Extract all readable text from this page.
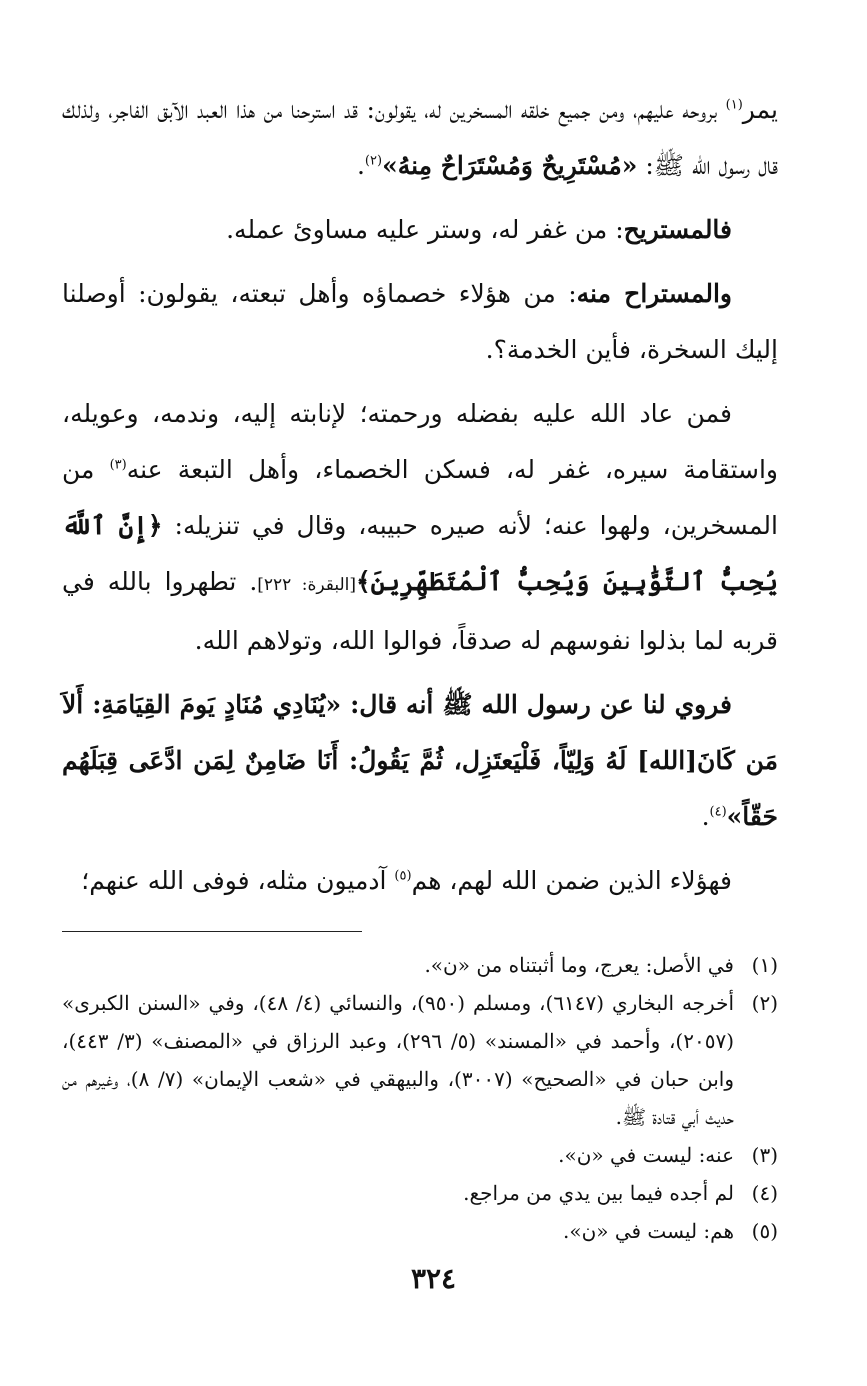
يمر$^{(١)}$ بروحه عليهم، ومن جميع خلقه المسخرين له، يقولون: قد استرحنا من هذا العبد الآبق الفاجر، ولذلك قال رسول الله ﷺ: «مُسْتَرِيحٌ وَمُسْتَرَاحٌ مِنهُ»$^{(٢)}$.

فالمستريح: من غفر له، وستر عليه مساوئ عمله.

والمستراح منه: من هؤلاء خصماؤه وأهل تبعته، يقولون: أوصلنا إليك السخرة، فأين الخدمة؟.

فمن عاد الله عليه بفضله ورحمته؛ لإنابته إليه، وندمه، وعويله، واستقامة سيره، غفر له، فسكن الخصماء، وأهل التبعة عنه$^{(٣)}$ من المسخرين، ولهوا عنه؛ لأنه صيره حبيبه، وقال في تنزيله: ﴿إِنَّ ٱللَّهَ يُحِبُّ ٱلتَّوَّٰبِينَ وَيُحِبُّ ٱلْمُتَطَهِّرِينَ﴾[البقرة: ٢٢٢]. تطهروا بالله في قربه لما بذلوا نفوسهم له صدقاً، فوالوا الله، وتولاهم الله.

فروي لنا عن رسول الله ﷺ أنه قال: «يُنَادِي مُنَادٍ يَومَ القِيَامَةِ: أَلاَ مَن كَانَ[الله] لَهُ وَلِيّاً، فَلْيَعتَزِل، ثُمَّ يَقُولُ: أَنَا ضَامِنٌ لِمَن ادَّعَى قِبَلَهُم حَقّاً»$^{(٤)}$.

فهؤلاء الذين ضمن الله لهم، هم$^{(٥)}$ آدميون مثله، فوفى الله عنهم؛

(١)
في الأصل: يعرج، وما أثبتناه من «ن».
(٢)
أخرجه البخاري (٦١٤٧)، ومسلم (٩٥٠)، والنسائي (٤/ ٤٨)، وفي «السنن الكبرى» (٢٠٥٧)، وأحمد في «المسند» (٥/ ٢٩٦)، وعبد الرزاق في «المصنف» (٣/ ٤٤٣)، وابن حبان في «الصحيح» (٣٠٠٧)، والبيهقي في «شعب الإيمان» (٧/ ٨)، وغيرهم من حديث أبي قتادة ﷺ.
(٣)
عنه: ليست في «ن».
(٤)
لم أجده فيما بين يدي من مراجع.
(٥)
هم: ليست في «ن».
٣٢٤
